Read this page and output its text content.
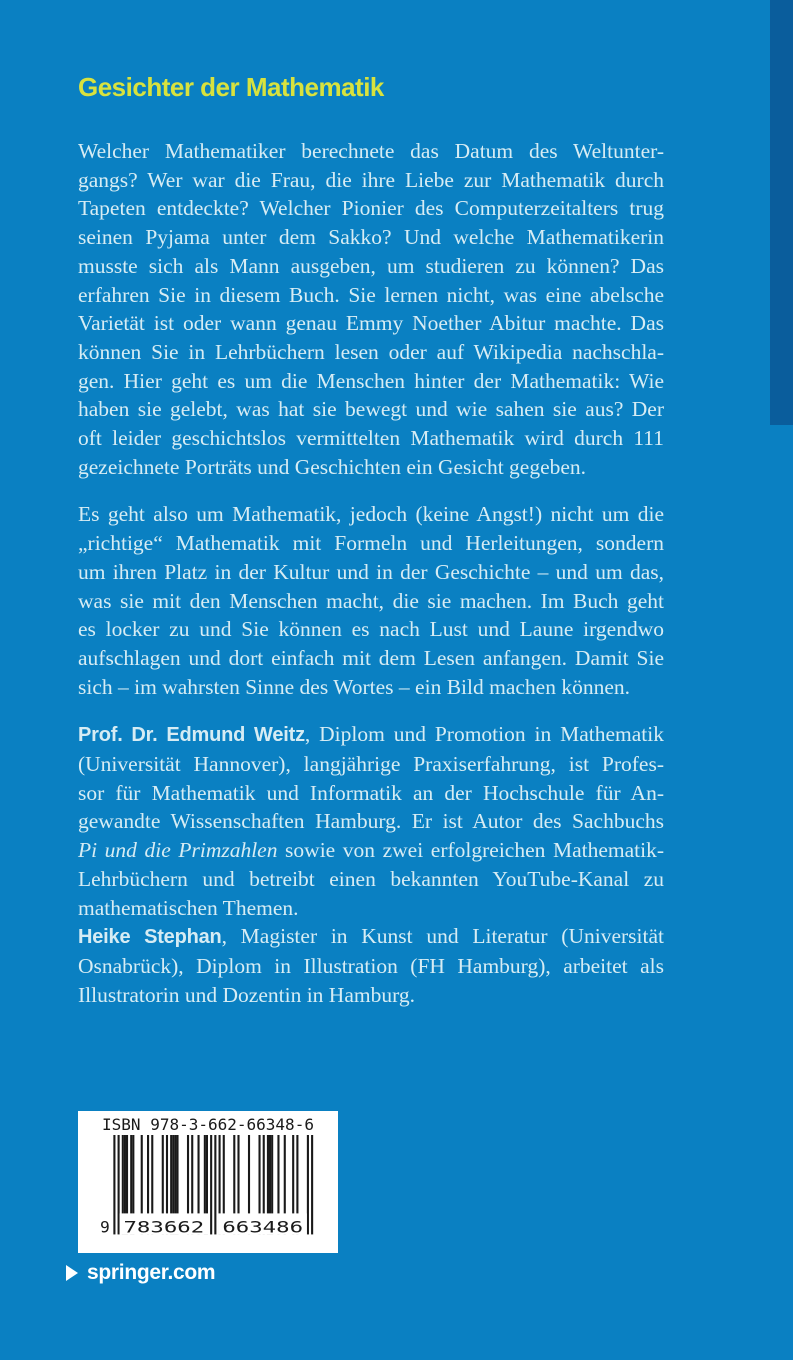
Gesichter der Mathematik
Welcher Mathematiker berechnete das Datum des Weltunter-
gangs? Wer war die Frau, die ihre Liebe zur Mathematik durch
Tapeten entdeckte? Welcher Pionier des Computerzeitalters trug
seinen Pyjama unter dem Sakko? Und welche Mathematikerin
musste sich als Mann ausgeben, um studieren zu können? Das
erfahren Sie in diesem Buch. Sie lernen nicht, was eine abelsche
Varietät ist oder wann genau Emmy Noether Abitur machte. Das
können Sie in Lehrbüchern lesen oder auf Wikipedia nachschla-
gen. Hier geht es um die Menschen hinter der Mathematik: Wie
haben sie gelebt, was hat sie bewegt und wie sahen sie aus? Der
oft leider geschichtslos vermittelten Mathematik wird durch 111
gezeichnete Porträts und Geschichten ein Gesicht gegeben.
Es geht also um Mathematik, jedoch (keine Angst!) nicht um die
„richtige“ Mathematik mit Formeln und Herleitungen, sondern
um ihren Platz in der Kultur und in der Geschichte – und um das,
was sie mit den Menschen macht, die sie machen. Im Buch geht
es locker zu und Sie können es nach Lust und Laune irgendwo
aufschlagen und dort einfach mit dem Lesen anfangen. Damit Sie
sich – im wahrsten Sinne des Wortes – ein Bild machen können.
Prof. Dr. Edmund Weitz, Diplom und Promotion in Mathematik
(Universität Hannover), langjährige Praxiserfahrung, ist Profes-
sor für Mathematik und Informatik an der Hochschule für An-
gewandte Wissenschaften Hamburg. Er ist Autor des Sachbuchs
Pi und die Primzahlen sowie von zwei erfolgreichen Mathematik-
Lehrbüchern und betreibt einen bekannten YouTube-Kanal zu
mathematischen Themen.
Heike Stephan, Magister in Kunst und Literatur (Universität
Osnabrück), Diplom in Illustration (FH Hamburg), arbeitet als
Illustratorin und Dozentin in Hamburg.
ISBN 978-3-662-66348-6
9 783662 663486
springer.com
